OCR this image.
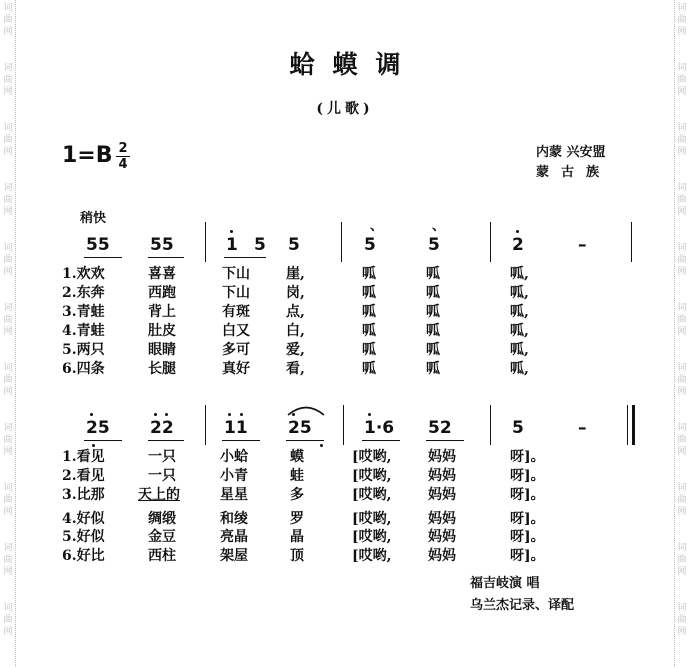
词曲网
词曲网
词曲网
词曲网
词曲网
词曲网
词曲网
词曲网
词曲网
词曲网
词曲网
词曲网
词曲网
词曲网
词曲网
词曲网
词曲网
词曲网
词曲网
词曲网
词曲网
词曲网
蛤蟆调
(儿歌)
1=B 2
4
内蒙 兴安盟
蒙古族
稍快
55 55	1 5 5	5	5	2	–
、	、
1.欢欢	喜喜	下山	崖,	呱	呱	呱,
2.东奔	西跑	下山	岗,	呱	呱	呱,
3.青蛙	背上	有斑	点,	呱	呱	呱,
4.青蛙	肚皮	白又	白,	呱	呱	呱,
5.两只	眼睛	多可	爱,	呱	呱	呱,
6.四条	长腿	真好	看,	呱	呱	呱,
25 22	11 25	1·6 52	5	–
1.看见	一只	小蛤	蟆	[哎哟,	妈妈	呀]。
2.看见	一只	小青	蛙	[哎哟,	妈妈	呀]。
3.比那 天上的	星星	多	[哎哟,	妈妈	呀]。
4.好似	绸缎	和绫	罗	[哎哟,	妈妈	呀]。
5.好似	金豆	亮晶	晶	[哎哟,	妈妈	呀]。
6.好比	西柱	架屋	顶	[哎哟,	妈妈	呀]。
福吉岐演 唱
乌兰杰记录、译配
